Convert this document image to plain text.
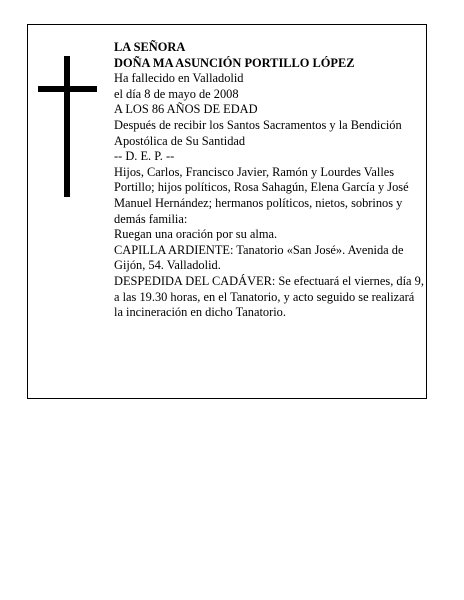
LA SEÑORA

DOÑA MA ASUNCIÓN PORTILLO LÓPEZ

Ha fallecido en Valladolid

el día 8 de mayo de 2008

A LOS 86 AÑOS DE EDAD

Después de recibir los Santos Sacramentos y la Bendición Apostólica de Su Santidad

-- D. E. P. --

Hijos, Carlos, Francisco Javier, Ramón y Lourdes Valles Portillo; hijos políticos, Rosa Sahagún, Elena García y José Manuel Hernández; hermanos políticos, nietos, sobrinos y demás familia:

Ruegan una oración por su alma.

CAPILLA ARDIENTE: Tanatorio «San José». Avenida de Gijón, 54. Valladolid.

DESPEDIDA DEL CADÁVER: Se efectuará el viernes, día 9, a las 19.30 horas, en el Tanatorio, y acto seguido se realizará la incineración en dicho Tanatorio.
